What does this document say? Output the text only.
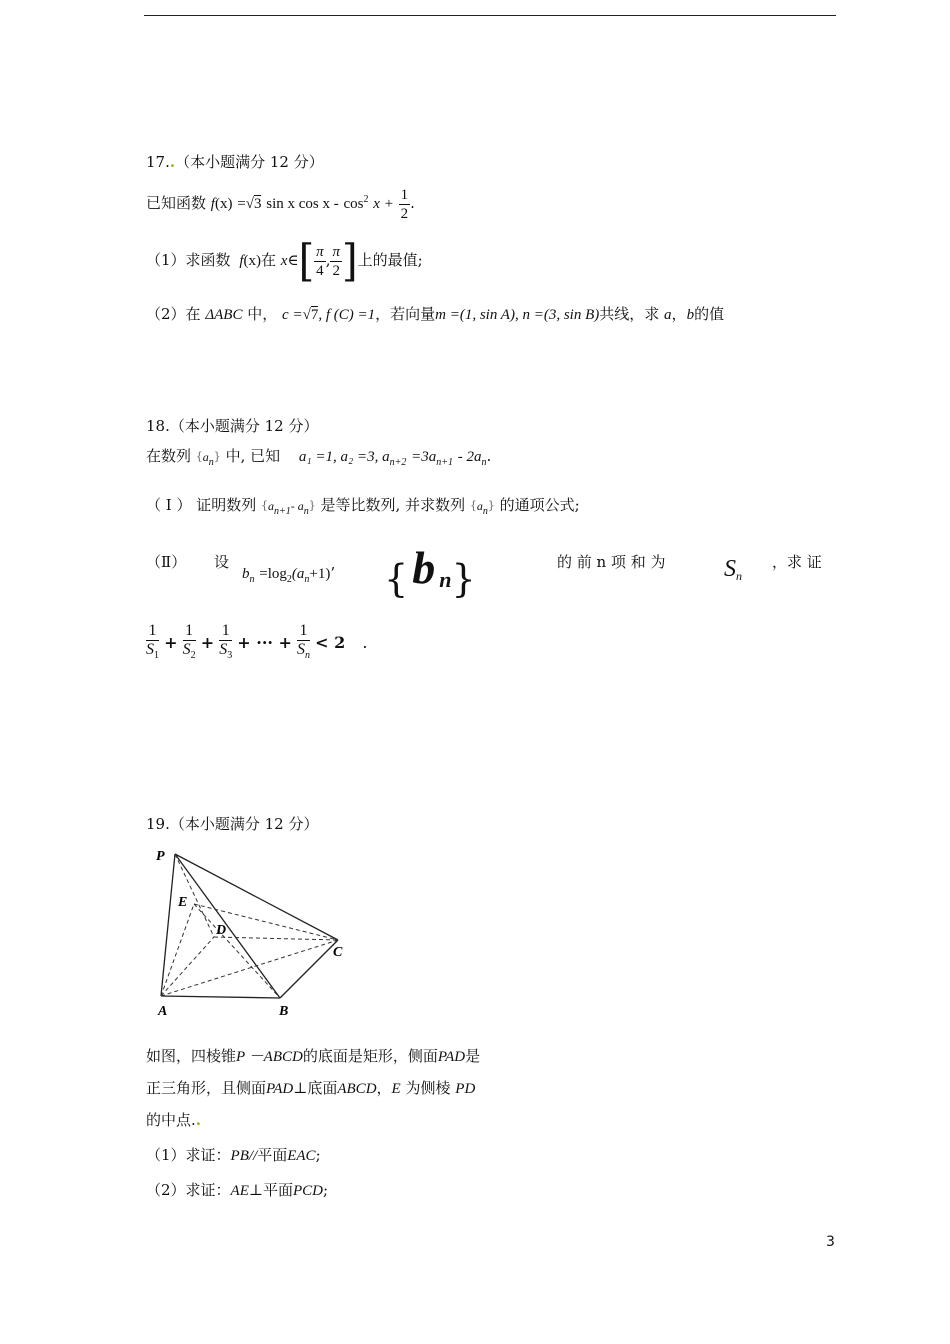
17..（本小题满分 12 分）
已知函数 f(x) =√3 sin x $\cos x - \cos^2 x + \frac{1}{2}$ .
（1）求函数 f(x)在 x∈[ $\frac{\pi}{4}$ , $\frac{\pi}{2}$ ]上的最值;
（2）在 ΔABC 中， c =√7, f (C) =1，若向量m =(1, sin A), n =(3, sin B)共线，求 a，b的值
18.（本小题满分 12 分）
在数列 $\{a_n\}$ 中, 已知 a₁ =1, a₂ =3, $a_{n+2} =3a_{n+1} - 2a_n$.
（ Ⅰ ） 证明数列 {$a_{n+1}-$ $a_n$} 是等比数列, 并求数列 $\{a_n\}$ 的通项公式;
（Ⅱ） 设
$b_n =\log_2(a_n+1)$’ {b $_n$}	的 前 n 项 和 为 $S_n$
，求 证
$\frac{1}{S_1} + \frac{1}{S_2} + \frac{1}{S_3}$ + ··· + $\frac{1}{S_n} < 2$ .
19.（本小题满分 12 分）
P
E
D
C
A	B
如图，四棱锥P －ABCD的底面是矩形，侧面PAD是
正三角形，且侧面PAD⊥底面ABCD，E 为侧棱 PD
的中点..
（1）求证：PB//平面EAC;
（2）求证：AE⊥平面PCD;
3
